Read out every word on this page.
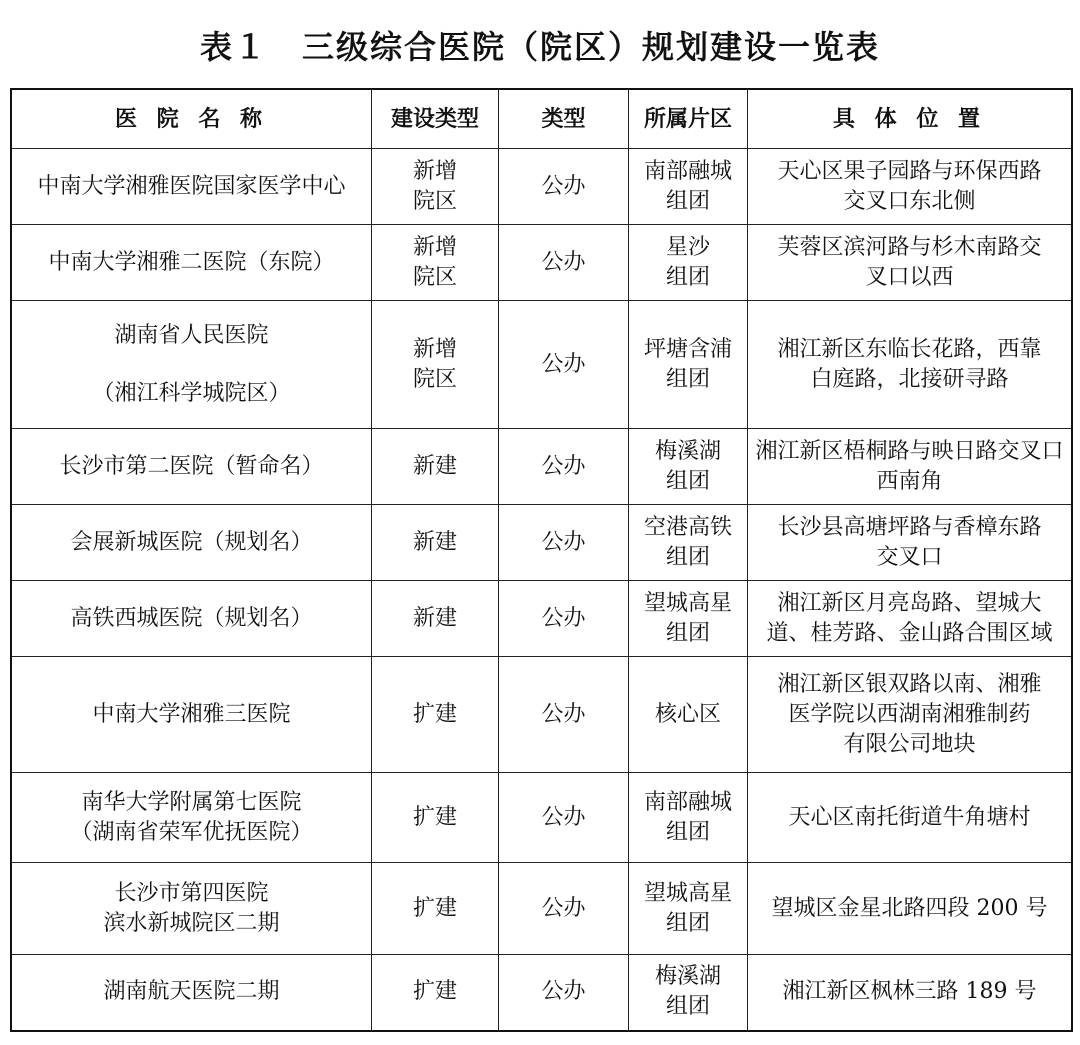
表１　三级综合医院（院区）规划建设一览表
医 院 名 称	建设类型	类型	所属片区	具 体 位 置

中南大学湘雅医院国家医学中心	新增
院区	公办	南部融城
组团	天心区果子园路与环保西路
交叉口东北侧

中南大学湘雅二医院（东院）	新增
院区	公办	星沙
组团	芙蓉区滨河路与杉木南路交
叉口以西

湖南省人民医院
（湘江科学城院区）	新增
院区	公办	坪塘含浦
组团	湘江新区东临长花路，西靠
白庭路，北接研寻路

长沙市第二医院（暂命名）	新建	公办	梅溪湖
组团	湘江新区梧桐路与映日路交叉口
西南角

会展新城医院（规划名）	新建	公办	空港高铁
组团	长沙县高塘坪路与香樟东路
交叉口

高铁西城医院（规划名）	新建	公办	望城高星
组团	湘江新区月亮岛路、望城大
道、桂芳路、金山路合围区域

中南大学湘雅三医院	扩建	公办	核心区	湘江新区银双路以南、湘雅
医学院以西湖南湘雅制药
有限公司地块

南华大学附属第七医院
（湖南省荣军优抚医院）	扩建	公办	南部融城
组团	天心区南托街道牛角塘村

长沙市第四医院
滨水新城院区二期	扩建	公办	望城高星
组团	望城区金星北路四段 200 号

湖南航天医院二期	扩建	公办	梅溪湖
组团	湘江新区枫林三路 189 号
